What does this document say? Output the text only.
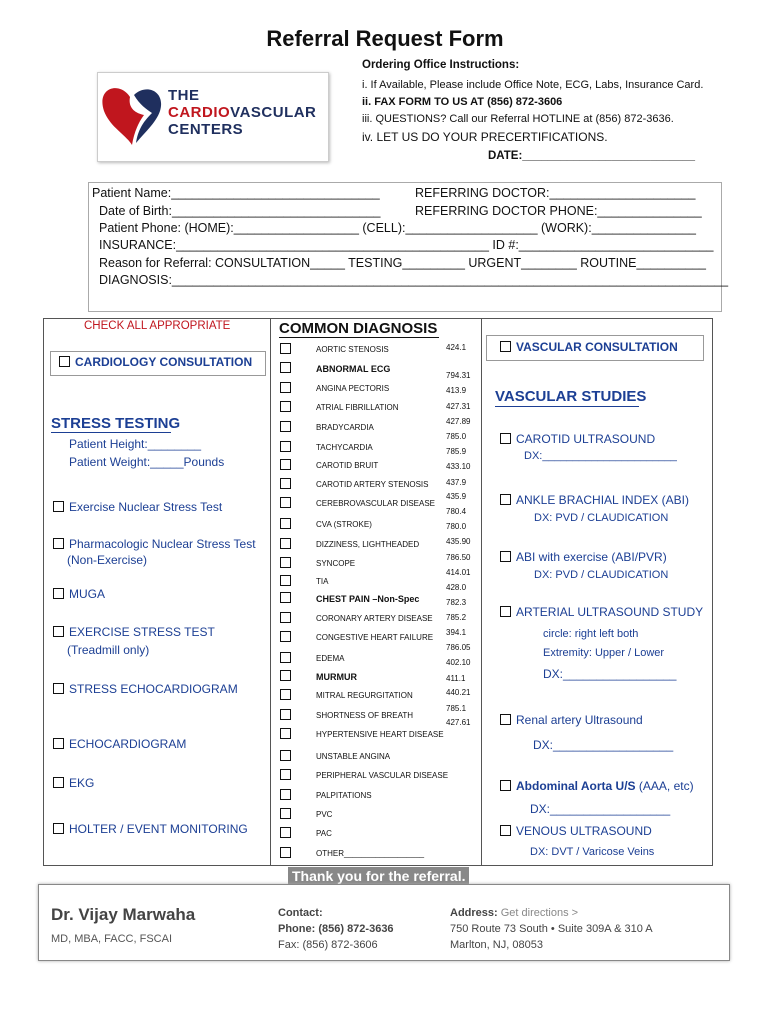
Referral Request Form
THE
CARDIOVASCULAR
CENTERS
Ordering Office Instructions:
i. If Available, Please include Office Note, ECG, Labs, Insurance Card.
ii. FAX FORM TO US AT (856) 872-3606
iii. QUESTIONS? Call our Referral HOTLINE at (856) 872-3636.
iv. LET US DO YOUR PRECERTIFICATIONS.
DATE:___________________________
Patient Name:______________________________	REFERRING DOCTOR:_____________________
Date of Birth:______________________________	REFERRING DOCTOR PHONE:_______________
Patient Phone: (HOME):__________________ (CELL):___________________ (WORK):_______________
INSURANCE:_____________________________________________ ID #:____________________________
Reason for Referral: CONSULTATION_____ TESTING_________ URGENT________ ROUTINE__________
DIAGNOSIS:________________________________________________________________________________
CHECK ALL APPROPRIATE
CARDIOLOGY CONSULTATION
STRESS TESTING
Patient Height:________
Patient Weight:_____Pounds
Exercise Nuclear Stress Test
Pharmacologic Nuclear Stress Test
(Non-Exercise)
MUGA
EXERCISE STRESS TEST
(Treadmill only)
STRESS ECHOCARDIOGRAM
ECHOCARDIOGRAM
EKG
HOLTER / EVENT MONITORING
COMMON DIAGNOSIS
AORTIC STENOSIS
ABNORMAL ECG
ANGINA PECTORIS
ATRIAL FIBRILLATION
BRADYCARDIA
TACHYCARDIA
CAROTID BRUIT
CAROTID ARTERY STENOSIS
CEREBROVASCULAR DISEASE
CVA (STROKE)
DIZZINESS, LIGHTHEADED
SYNCOPE
TIA
CHEST PAIN –Non-Spec
CORONARY ARTERY DISEASE
CONGESTIVE HEART FAILURE
EDEMA
MURMUR
MITRAL REGURGITATION
SHORTNESS OF BREATH
HYPERTENSIVE HEART DISEASE
UNSTABLE ANGINA
PERIPHERAL VASCULAR DISEASE
PALPITATIONS
PVC
PAC
OTHER__________________
424.1
794.31
413.9
427.31
427.89
785.0
785.9
433.10
437.9
435.9
780.4
780.0
435.90
786.50
414.01
428.0
782.3
785.2
394.1
786.05
402.10
411.1
440.21
785.1
427.61
VASCULAR CONSULTATION
VASCULAR STUDIES
CAROTID ULTRASOUND
DX:______________________
ANKLE BRACHIAL INDEX (ABI)
DX: PVD / CLAUDICATION
ABI with exercise (ABI/PVR)
DX: PVD / CLAUDICATION
ARTERIAL ULTRASOUND STUDY
circle: right left both
Extremity: Upper / Lower
DX:_________________
Renal artery Ultrasound
DX:__________________
Abdominal Aorta U/S (AAA, etc)
DX:__________________
VENOUS ULTRASOUND
DX: DVT / Varicose Veins
Thank you for the referral.
Dr. Vijay Marwaha
MD, MBA, FACC, FSCAI
Contact:
Phone: (856) 872-3636
Fax: (856) 872-3606
Address: Get directions >
750 Route 73 South • Suite 309A & 310 A
Marlton, NJ, 08053
